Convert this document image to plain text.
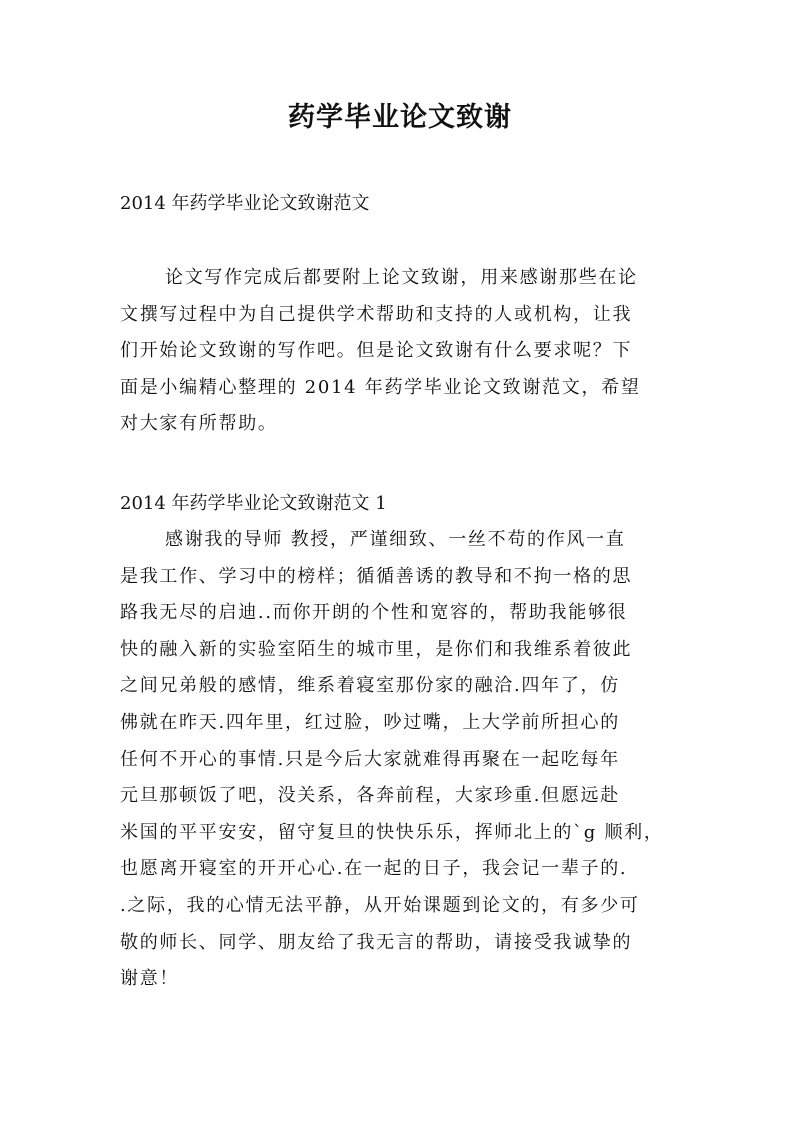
药学毕业论文致谢
2014 年药学毕业论文致谢范文
论文写作完成后都要附上论文致谢，用来感谢那些在论
文撰写过程中为自己提供学术帮助和支持的人或机构，让我
们开始论文致谢的写作吧。但是论文致谢有什么要求呢？下
面是小编精心整理的 2014 年药学毕业论文致谢范文，希望
对大家有所帮助。
2014 年药学毕业论文致谢范文 1
感谢我的导师 教授，严谨细致、一丝不苟的作风一直
是我工作、学习中的榜样；循循善诱的教导和不拘一格的思
路我无尽的启迪..而你开朗的个性和宽容的，帮助我能够很
快的融入新的实验室陌生的城市里，是你们和我维系着彼此
之间兄弟般的感情，维系着寝室那份家的融洽.四年了，仿
佛就在昨天.四年里，红过脸，吵过嘴，上大学前所担心的
任何不开心的事情.只是今后大家就难得再聚在一起吃每年
元旦那顿饭了吧，没关系，各奔前程，大家珍重.但愿远赴
米国的平平安安，留守复旦的快快乐乐，挥师北上的`g 顺利，
也愿离开寝室的开开心心.在一起的日子，我会记一辈子的.
.之际，我的心情无法平静，从开始课题到论文的，有多少可
敬的师长、同学、朋友给了我无言的帮助，请接受我诚挚的
谢意！
